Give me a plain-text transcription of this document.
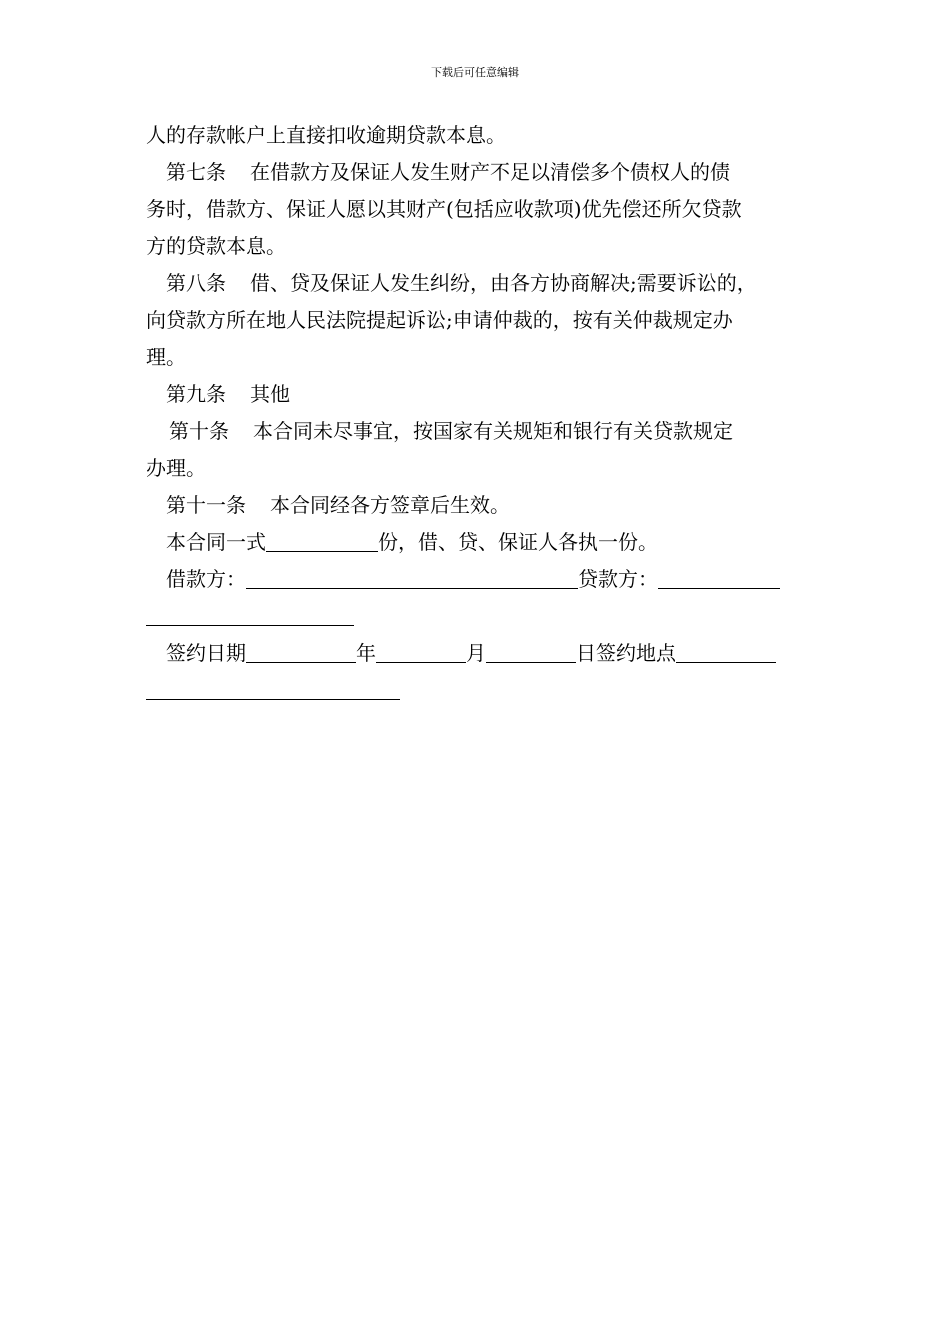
下载后可任意编辑
人的存款帐户上直接扣收逾期贷款本息。
第七条 在借款方及保证人发生财产不足以清偿多个债权人的债
务时，借款方、保证人愿以其财产(包括应收款项)优先偿还所欠贷款
方的贷款本息。
第八条 借、贷及保证人发生纠纷，由各方协商解决;需要诉讼的，
向贷款方所在地人民法院提起诉讼;申请仲裁的，按有关仲裁规定办
理。
第九条 其他
第十条 本合同未尽事宜，按国家有关规矩和银行有关贷款规定
办理。
第十一条 本合同经各方签章后生效。
本合同一式	份，借、贷、保证人各执一份。
借款方：	贷款方：
签约日期	年	月	日签约地点
